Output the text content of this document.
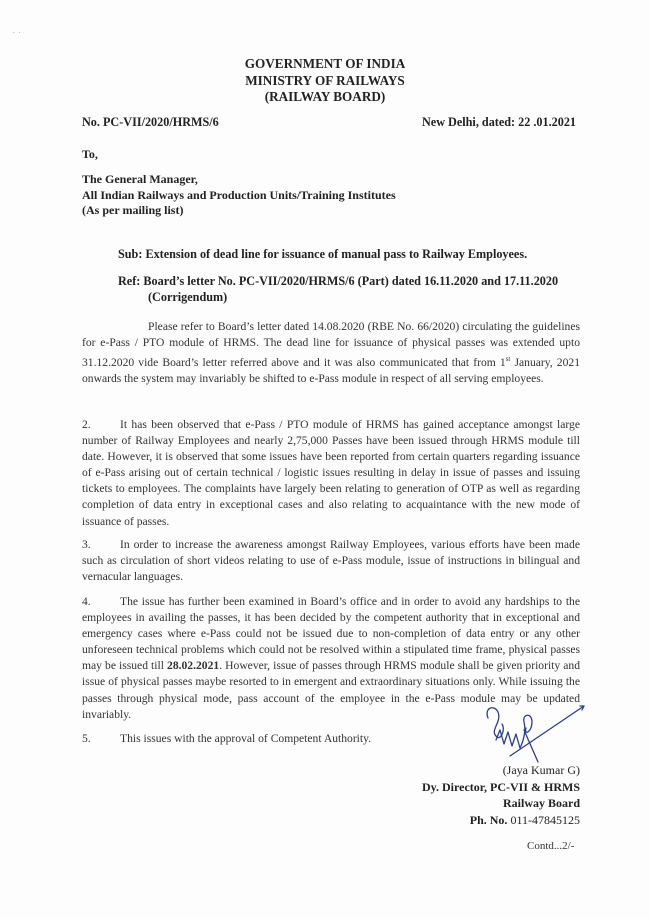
· ·
GOVERNMENT OF INDIA
MINISTRY OF RAILWAYS
(RAILWAY BOARD)
No. PC-VII/2020/HRMS/6	New Delhi, dated: 22 .01.2021
To,
The General Manager,
All Indian Railways and Production Units/Training Institutes
(As per mailing list)
Sub: Extension of dead line for issuance of manual pass to Railway Employees.
Ref: Board’s letter No. PC-VII/2020/HRMS/6 (Part) dated 16.11.2020 and 17.11.2020
(Corrigendum)
Please refer to Board’s letter dated 14.08.2020 (RBE No. 66/2020) circulating the guidelines for e-Pass / PTO module of HRMS. The dead line for issuance of physical passes was extended upto 31.12.2020 vide Board’s letter referred above and it was also communicated that from 1st January, 2021 onwards the system may invariably be shifted to e-Pass module in respect of all serving employees.
2.	It has been observed that e-Pass / PTO module of HRMS has gained acceptance amongst large number of Railway Employees and nearly 2,75,000 Passes have been issued through HRMS module till date. However, it is observed that some issues have been reported from certain quarters regarding issuance of e-Pass arising out of certain technical / logistic issues resulting in delay in issue of passes and issuing tickets to employees. The complaints have largely been relating to generation of OTP as well as regarding completion of data entry in exceptional cases and also relating to acquaintance with the new mode of issuance of passes.
3.	In order to increase the awareness amongst Railway Employees, various efforts have been made such as circulation of short videos relating to use of e-Pass module, issue of instructions in bilingual and vernacular languages.
4.	The issue has further been examined in Board’s office and in order to avoid any hardships to the employees in availing the passes, it has been decided by the competent authority that in exceptional and emergency cases where e-Pass could not be issued due to non-completion of data entry or any other unforeseen technical problems which could not be resolved within a stipulated time frame, physical passes may be issued till 28.02.2021. However, issue of passes through HRMS module shall be given priority and issue of physical passes maybe resorted to in emergent and extraordinary situations only. While issuing the passes through physical mode, pass account of the employee in the e-Pass module may be updated invariably.
5.	This issues with the approval of Competent Authority.
(Jaya Kumar G)
Dy. Director, PC-VII & HRMS
Railway Board
Ph. No. 011-47845125
Contd...2/-
